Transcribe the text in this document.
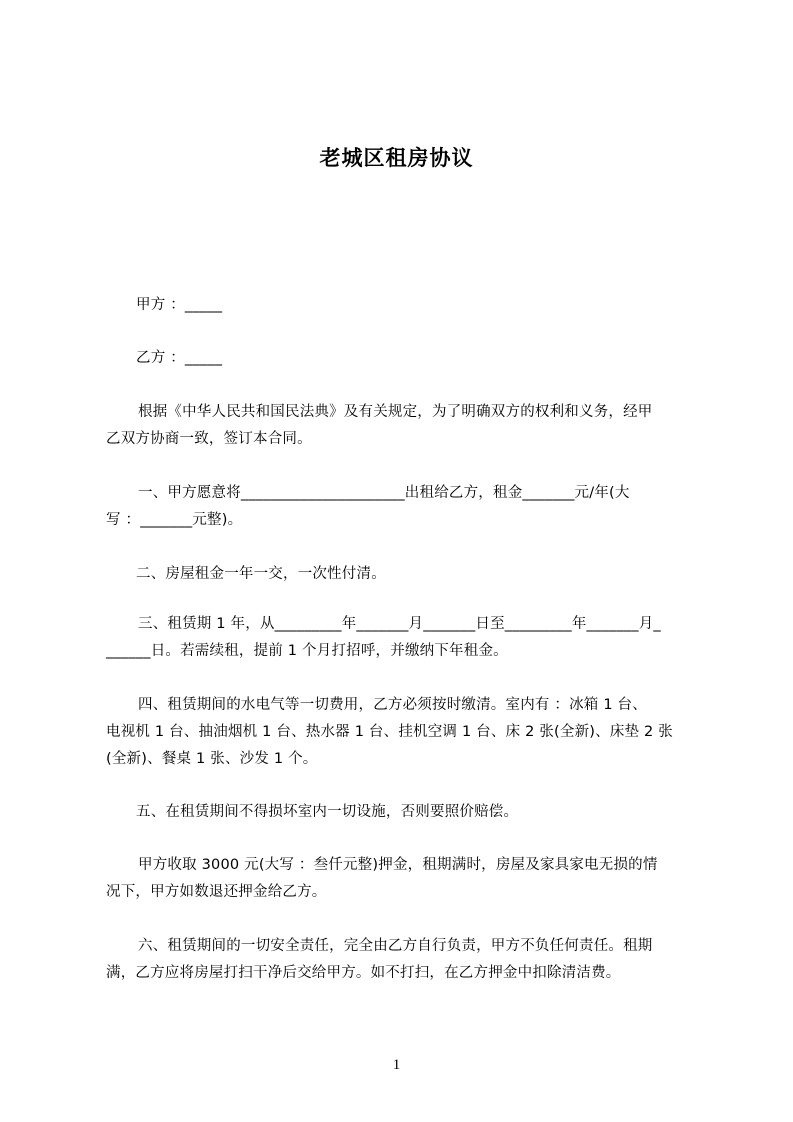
老城区租房协议
甲方 ：_____
乙方 ：_____
根据《中华人民共和国民法典》及有关规定，为了明确双方的权利和义务，经甲
乙双方协商一致，签订本合同。
一、甲方愿意将______________________出租给乙方，租金_______元/年(大
写 ：_______元整)。
二、房屋租金一年一交，一次性付清。
三、租赁期 1 年，从_________年_______月_______日至_________年_______月_
______日。若需续租，提前 1 个月打招呼，并缴纳下年租金。
四、租赁期间的水电气等一切费用，乙方必须按时缴清。室内有 ：冰箱 1 台、
电视机 1 台、抽油烟机 1 台、热水器 1 台、挂机空调 1 台、床 2 张(全新)、床垫 2 张
(全新)、餐桌 1 张、沙发 1 个。
五、在租赁期间不得损坏室内一切设施，否则要照价赔偿。
甲方收取 3000 元(大写 ：叁仟元整)押金，租期满时，房屋及家具家电无损的情
况下，甲方如数退还押金给乙方。
六、租赁期间的一切安全责任，完全由乙方自行负责，甲方不负任何责任。租期
满，乙方应将房屋打扫干净后交给甲方。如不打扫，在乙方押金中扣除清洁费。
1
